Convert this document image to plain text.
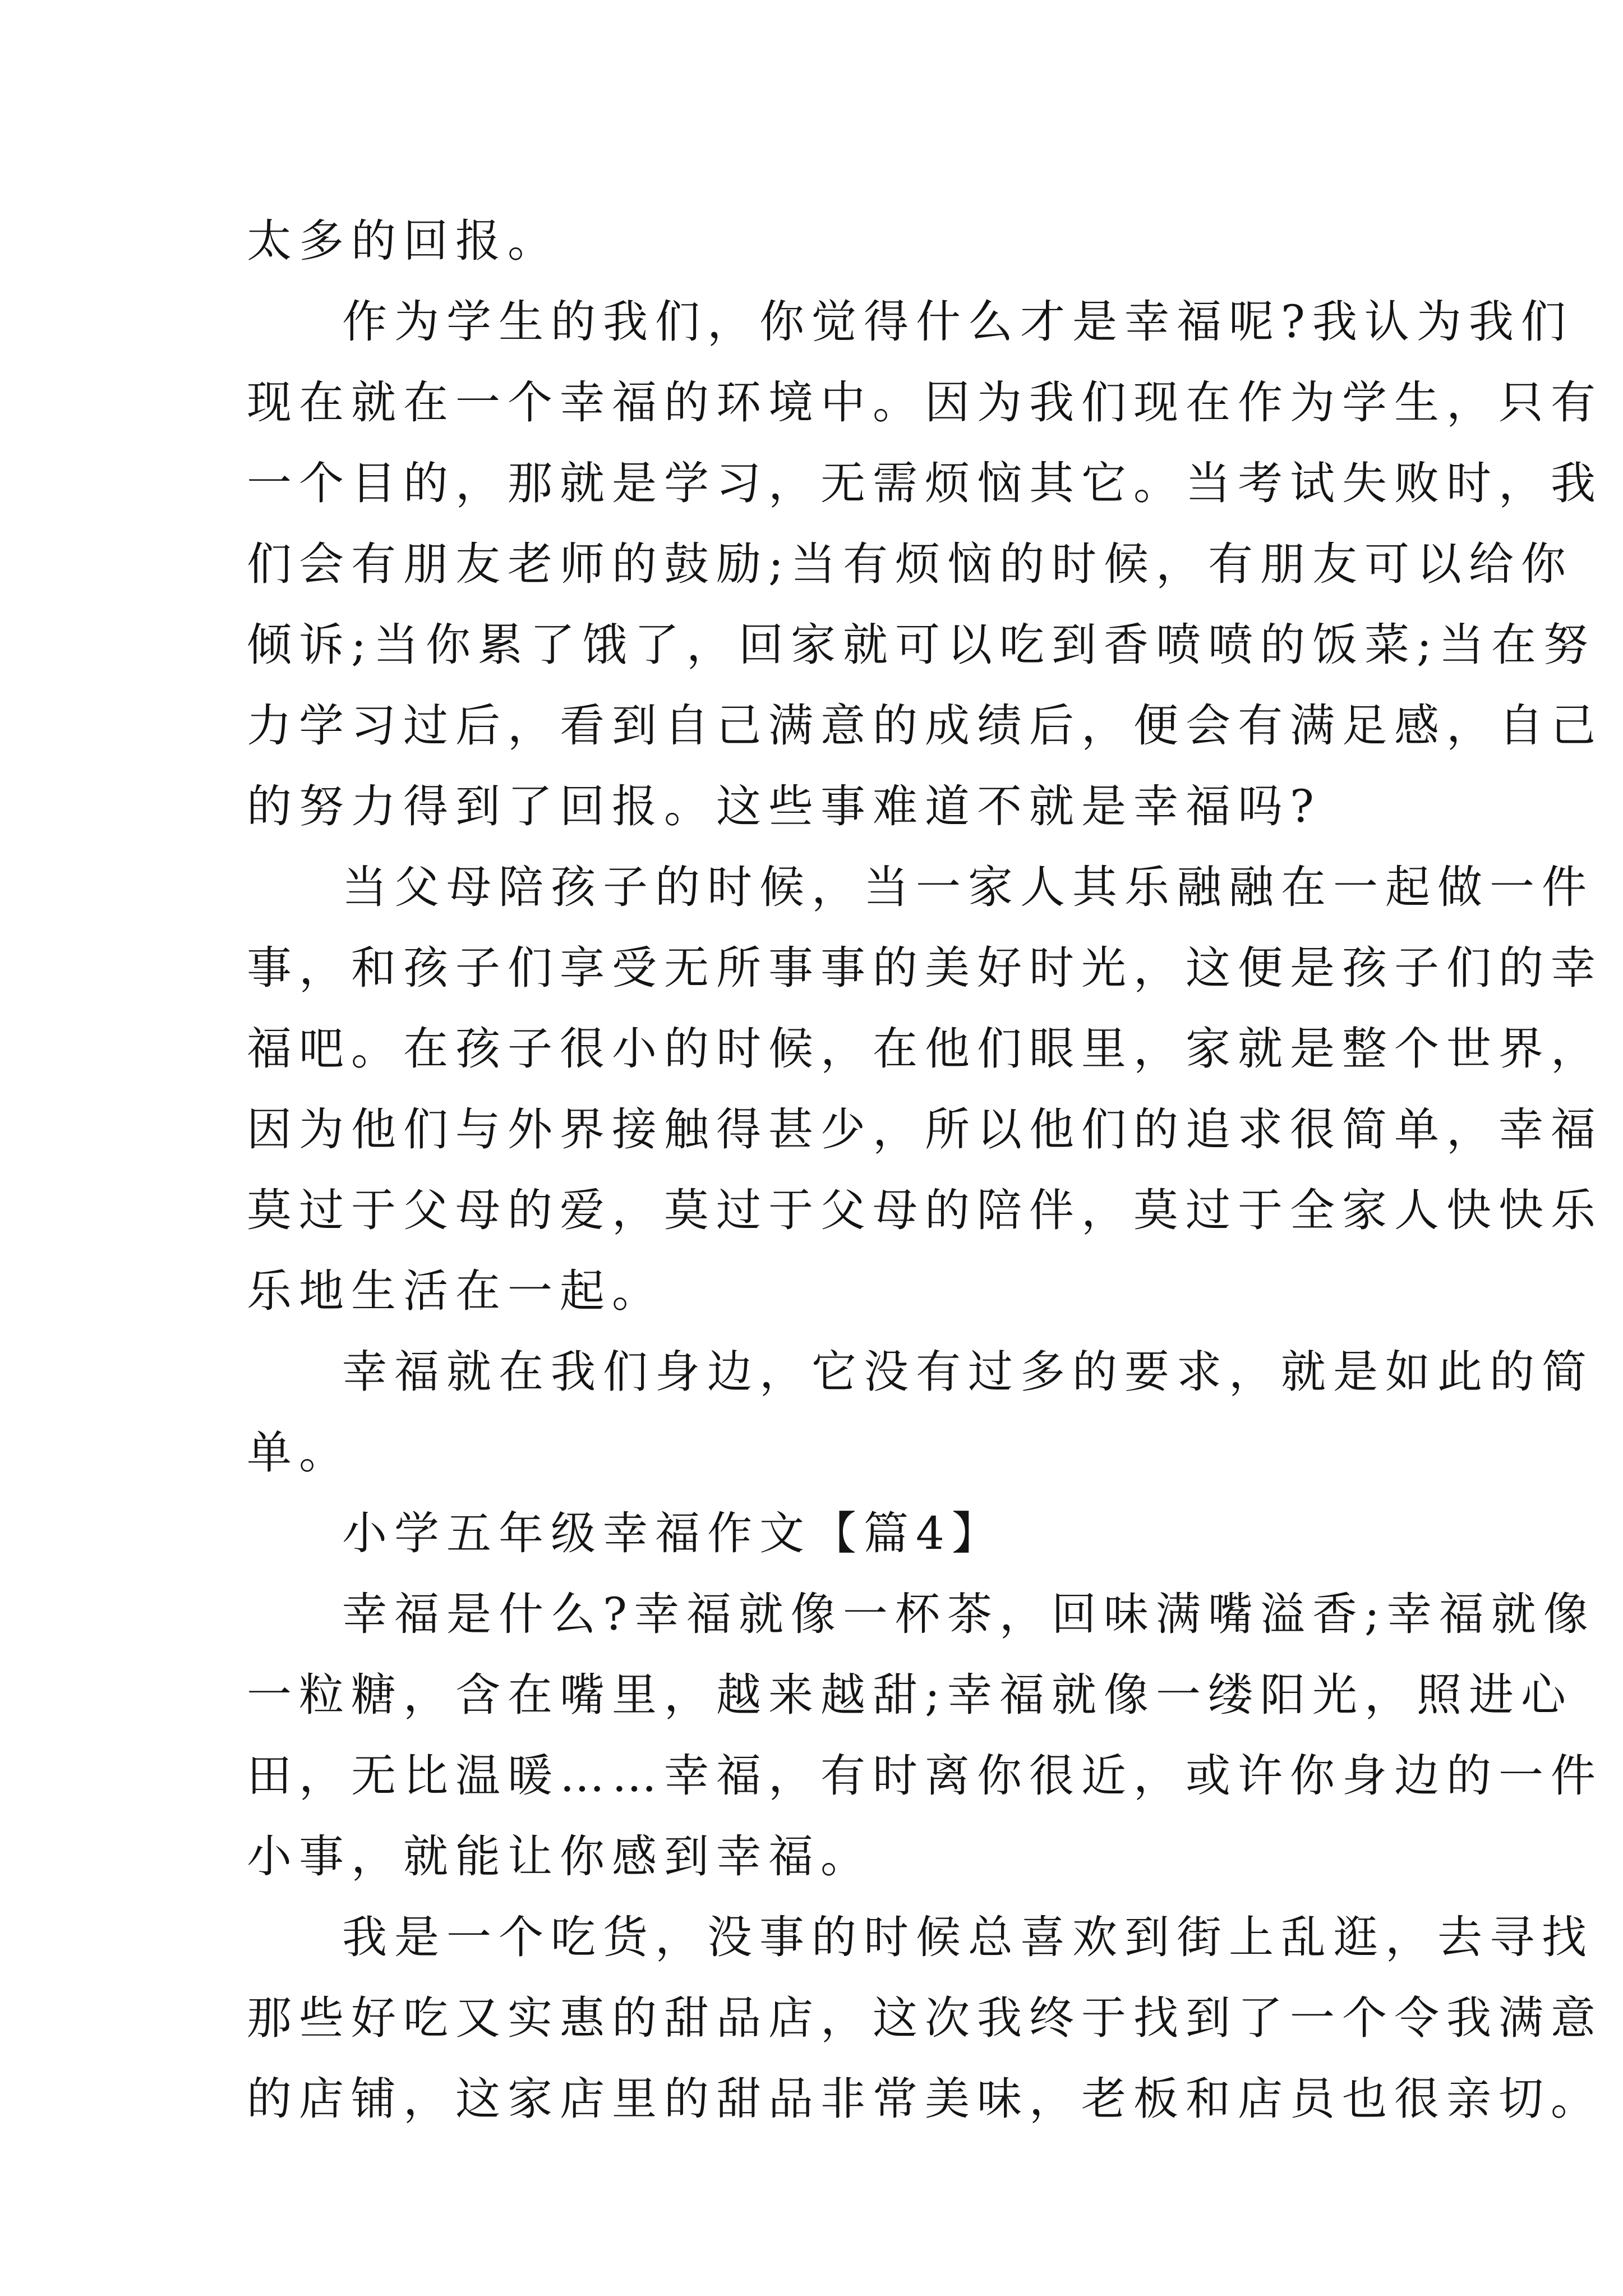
太多的回报。

作为学生的我们，你觉得什么才是幸福呢?我认为我们

现在就在一个幸福的环境中。因为我们现在作为学生，只有

一个目的，那就是学习，无需烦恼其它。当考试失败时，我

们会有朋友老师的鼓励;当有烦恼的时候，有朋友可以给你

倾诉;当你累了饿了，回家就可以吃到香喷喷的饭菜;当在努

力学习过后，看到自己满意的成绩后，便会有满足感，自己

的努力得到了回报。这些事难道不就是幸福吗?

当父母陪孩子的时候，当一家人其乐融融在一起做一件

事，和孩子们享受无所事事的美好时光，这便是孩子们的幸

福吧。在孩子很小的时候，在他们眼里，家就是整个世界，

因为他们与外界接触得甚少，所以他们的追求很简单，幸福

莫过于父母的爱，莫过于父母的陪伴，莫过于全家人快快乐

乐地生活在一起。

幸福就在我们身边，它没有过多的要求，就是如此的简

单。

小学五年级幸福作文【篇4】

幸福是什么?幸福就像一杯茶，回味满嘴溢香;幸福就像

一粒糖，含在嘴里，越来越甜;幸福就像一缕阳光，照进心

田，无比温暖……幸福，有时离你很近，或许你身边的一件

小事，就能让你感到幸福。

我是一个吃货，没事的时候总喜欢到街上乱逛，去寻找

那些好吃又实惠的甜品店，这次我终于找到了一个令我满意

的店铺，这家店里的甜品非常美味，老板和店员也很亲切。
